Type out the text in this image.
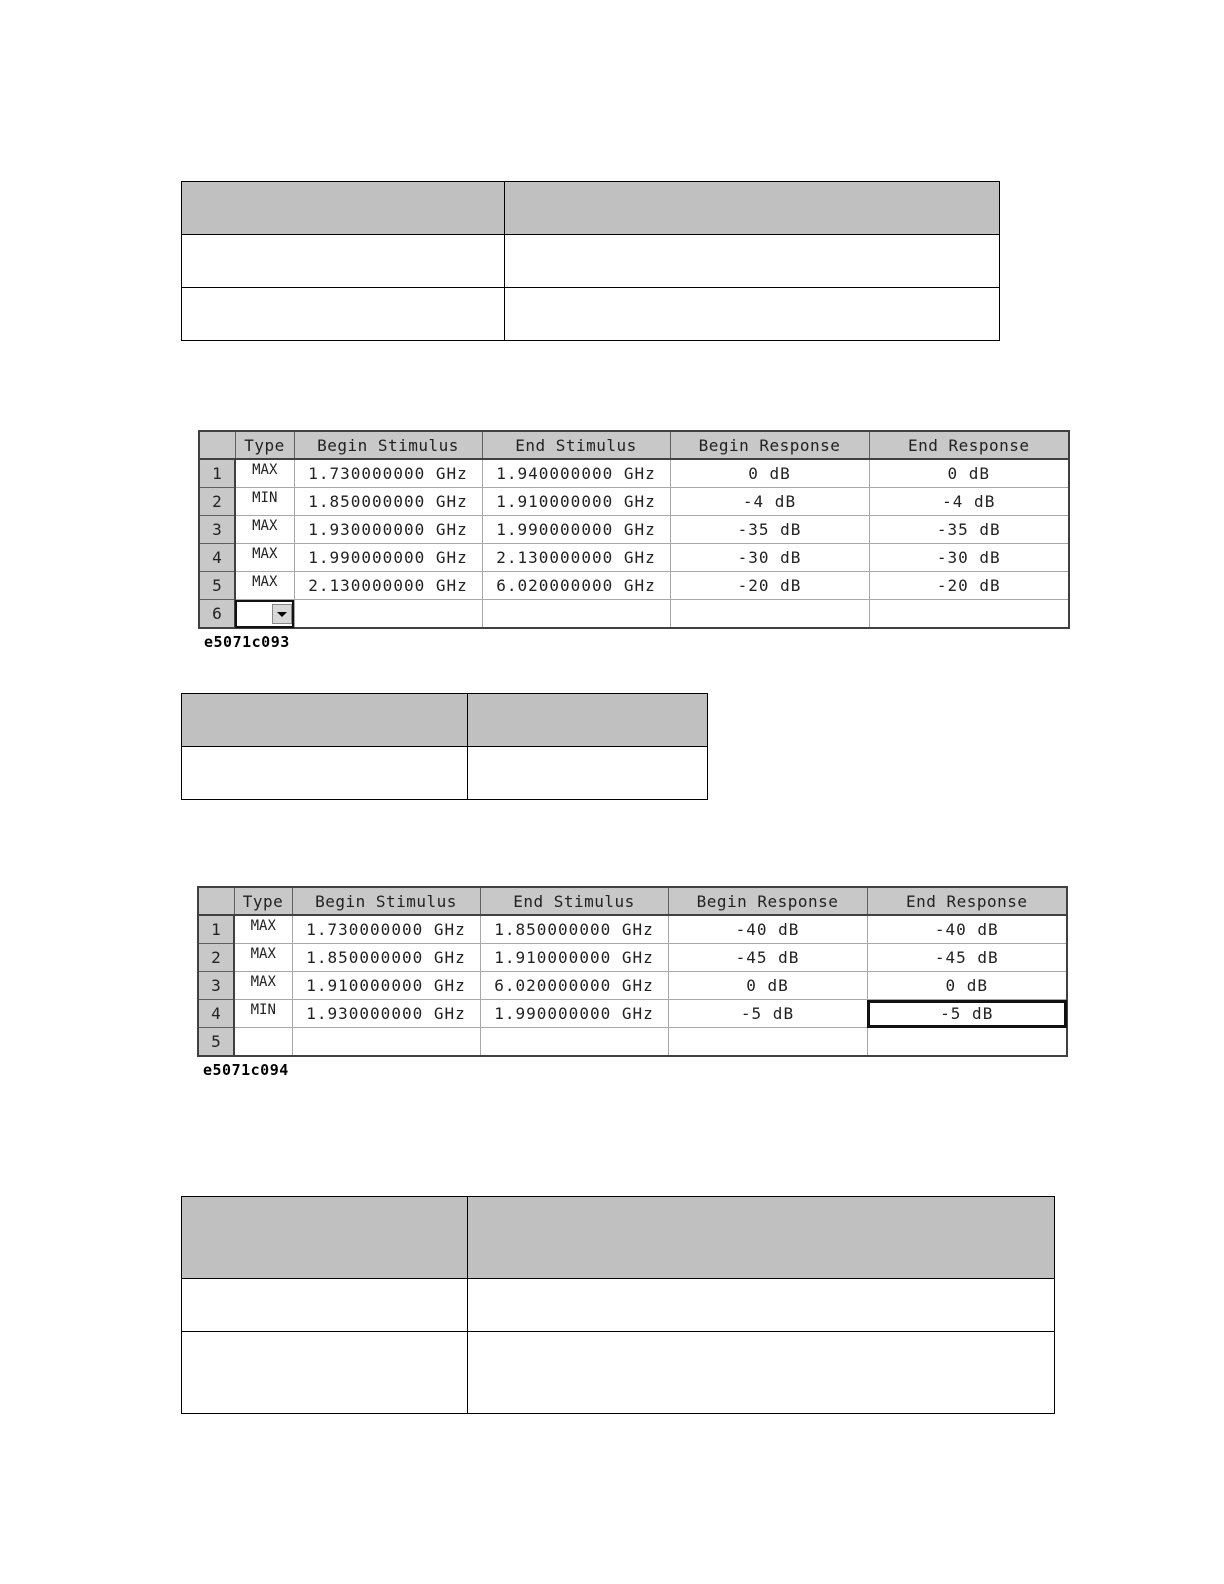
	Type	Begin Stimulus	End Stimulus	Begin Response	End Response
1	MAX	1.730000000 GHz	1.940000000 GHz	0 dB	0 dB
2	MIN	1.850000000 GHz	1.910000000 GHz	-4 dB	-4 dB
3	MAX	1.930000000 GHz	1.990000000 GHz	-35 dB	-35 dB
4	MAX	1.990000000 GHz	2.130000000 GHz	-30 dB	-30 dB
5	MAX	2.130000000 GHz	6.020000000 GHz	-20 dB	-20 dB
6	

e5071c093

	Type	Begin Stimulus	End Stimulus	Begin Response	End Response
1	MAX	1.730000000 GHz	1.850000000 GHz	-40 dB	-40 dB
2	MAX	1.850000000 GHz	1.910000000 GHz	-45 dB	-45 dB
3	MAX	1.910000000 GHz	6.020000000 GHz	0 dB	0 dB
4	MIN	1.930000000 GHz	1.990000000 GHz	-5 dB	-5 dB
5					
e5071c094
